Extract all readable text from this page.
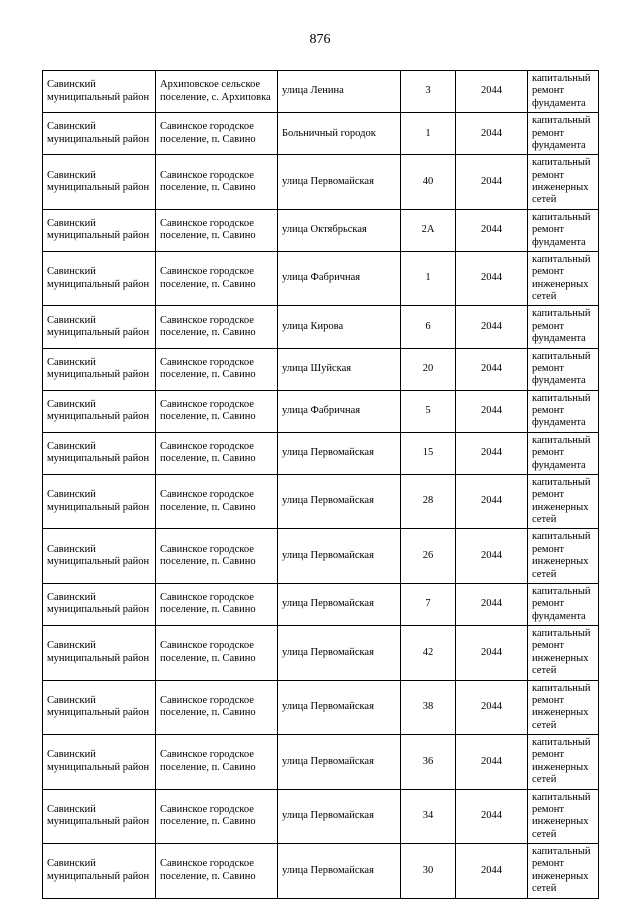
876
Савинский муниципальный район	Архиповское сельское поселение, с. Архиповка	улица Ленина	3	2044	капитальный ремонт фундамента
Савинский муниципальный район	Савинское городское поселение, п. Савино	Больничный городок	1	2044	капитальный ремонт фундамента
Савинский муниципальный район	Савинское городское поселение, п. Савино	улица Первомайская	40	2044	капитальный ремонт инженерных сетей
Савинский муниципальный район	Савинское городское поселение, п. Савино	улица Октябрьская	2А	2044	капитальный ремонт фундамента
Савинский муниципальный район	Савинское городское поселение, п. Савино	улица Фабричная	1	2044	капитальный ремонт инженерных сетей
Савинский муниципальный район	Савинское городское поселение, п. Савино	улица Кирова	6	2044	капитальный ремонт фундамента
Савинский муниципальный район	Савинское городское поселение, п. Савино	улица Шуйская	20	2044	капитальный ремонт фундамента
Савинский муниципальный район	Савинское городское поселение, п. Савино	улица Фабричная	5	2044	капитальный ремонт фундамента
Савинский муниципальный район	Савинское городское поселение, п. Савино	улица Первомайская	15	2044	капитальный ремонт фундамента
Савинский муниципальный район	Савинское городское поселение, п. Савино	улица Первомайская	28	2044	капитальный ремонт инженерных сетей
Савинский муниципальный район	Савинское городское поселение, п. Савино	улица Первомайская	26	2044	капитальный ремонт инженерных сетей
Савинский муниципальный район	Савинское городское поселение, п. Савино	улица Первомайская	7	2044	капитальный ремонт фундамента
Савинский муниципальный район	Савинское городское поселение, п. Савино	улица Первомайская	42	2044	капитальный ремонт инженерных сетей
Савинский муниципальный район	Савинское городское поселение, п. Савино	улица Первомайская	38	2044	капитальный ремонт инженерных сетей
Савинский муниципальный район	Савинское городское поселение, п. Савино	улица Первомайская	36	2044	капитальный ремонт инженерных сетей
Савинский муниципальный район	Савинское городское поселение, п. Савино	улица Первомайская	34	2044	капитальный ремонт инженерных сетей
Савинский муниципальный район	Савинское городское поселение, п. Савино	улица Первомайская	30	2044	капитальный ремонт инженерных сетей
